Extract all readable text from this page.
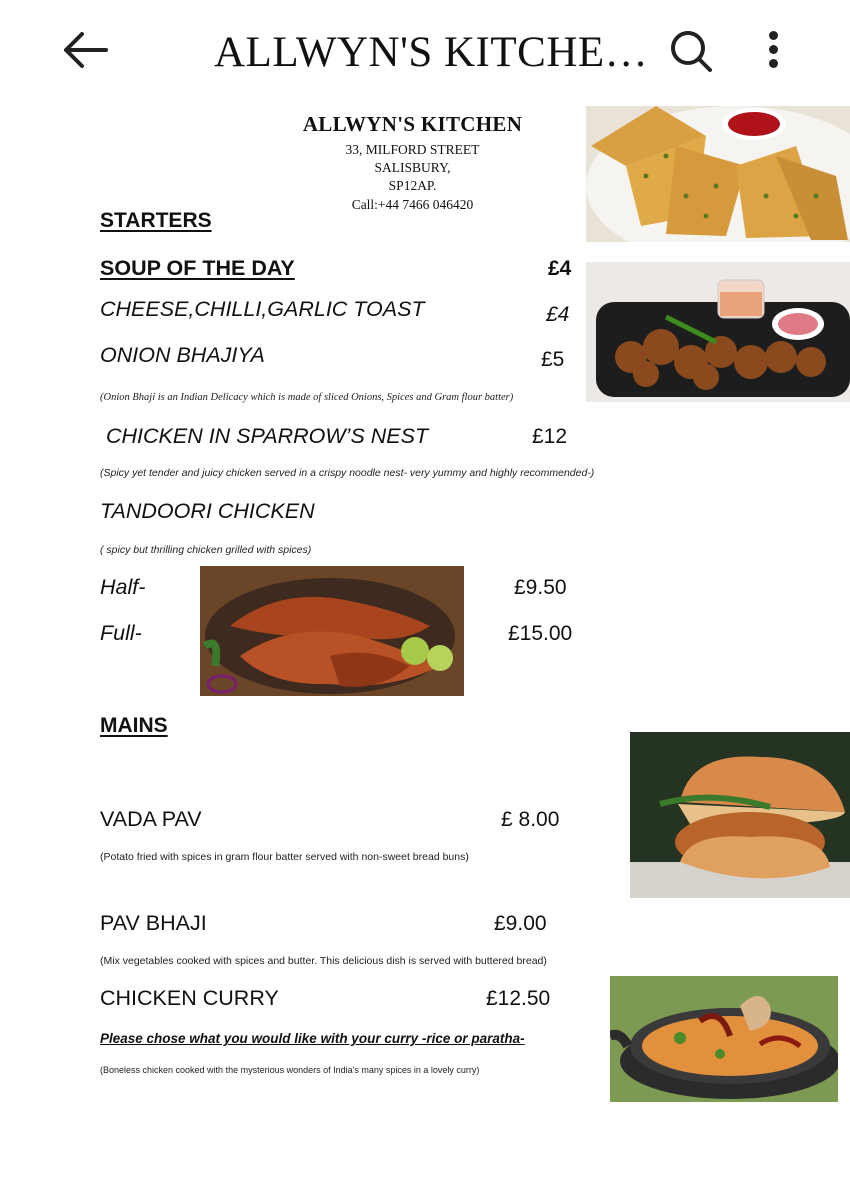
ALLWYN'S KITCHE…
ALLWYN'S KITCHEN
33, MILFORD STREET
SALISBURY,
SP12AP.
Call:+44 7466 046420
STARTERS
SOUP OF THE DAY	£4
CHEESE,CHILLI,GARLIC TOAST	£4
ONION BHAJIYA	£5
(Onion Bhaji is an Indian Delicacy which is made of sliced Onions, Spices and Gram flour batter)
CHICKEN IN SPARROW’S NEST	£12
(Spicy yet tender and juicy chicken served in a crispy noodle nest- very yummy and highly recommended-)
TANDOORI CHICKEN
( spicy but thrilling chicken grilled with spices)
Half-	£9.50
Full-	£15.00
MAINS
VADA PAV	£ 8.00
(Potato fried with spices in gram flour batter served with non-sweet bread buns)
PAV BHAJI	£9.00
(Mix vegetables cooked with spices and butter. This delicious dish is served with buttered bread)
CHICKEN CURRY	£12.50
Please chose what you would like with your curry -rice or paratha-
(Boneless chicken cooked with the mysterious wonders of India's many spices in a lovely curry)
